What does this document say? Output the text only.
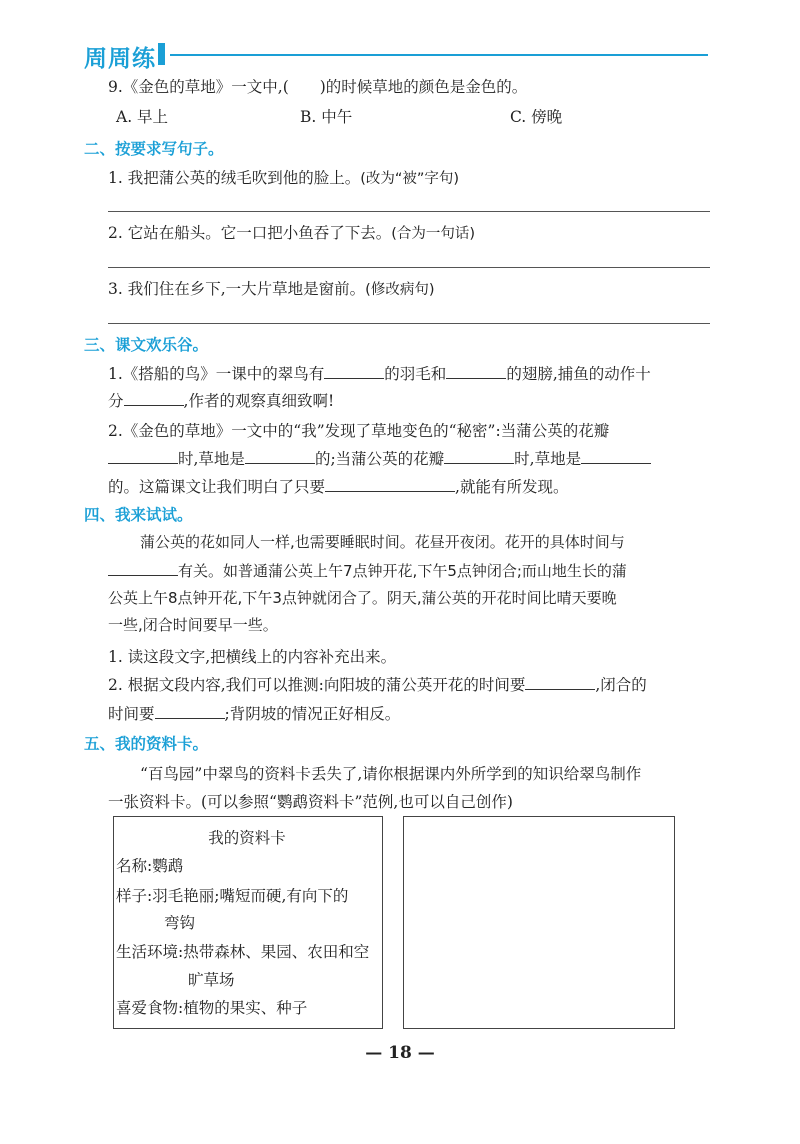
周周练
9.《金色的草地》一文中,(　　)的时候草地的颜色是金色的。
A. 早上	B. 中午	C. 傍晚
二、按要求写句子。
1. 我把蒲公英的绒毛吹到他的脸上。(改为“被”字句)
2. 它站在船头。它一口把小鱼吞了下去。(合为一句话)
3. 我们住在乡下,一大片草地是窗前。(修改病句)
三、课文欢乐谷。
1.《搭船的鸟》一课中的翠鸟有	的羽毛和	的翅膀,捕鱼的动作十
分	,作者的观察真细致啊!
2.《金色的草地》一文中的“我”发现了草地变色的“秘密”:当蒲公英的花瓣
时,草地是	的;当蒲公英的花瓣	时,草地是
的。这篇课文让我们明白了只要	,就能有所发现。
四、我来试试。
蒲公英的花如同人一样,也需要睡眠时间。花昼开夜闭。花开的具体时间与
有关。如普通蒲公英上午7点钟开花,下午5点钟闭合;而山地生长的蒲
公英上午8点钟开花,下午3点钟就闭合了。阴天,蒲公英的开花时间比晴天要晚
一些,闭合时间要早一些。
1. 读这段文字,把横线上的内容补充出来。
2. 根据文段内容,我们可以推测:向阳坡的蒲公英开花的时间要	,闭合的
时间要	;背阴坡的情况正好相反。
五、我的资料卡。
“百鸟园”中翠鸟的资料卡丢失了,请你根据课内外所学到的知识给翠鸟制作
一张资料卡。(可以参照“鹦鹉资料卡”范例,也可以自己创作)
我的资料卡
名称:鹦鹉
样子:羽毛艳丽;嘴短而硬,有向下的
弯钩
生活环境:热带森林、果园、农田和空
旷草场
喜爱食物:植物的果实、种子
— 18 —
